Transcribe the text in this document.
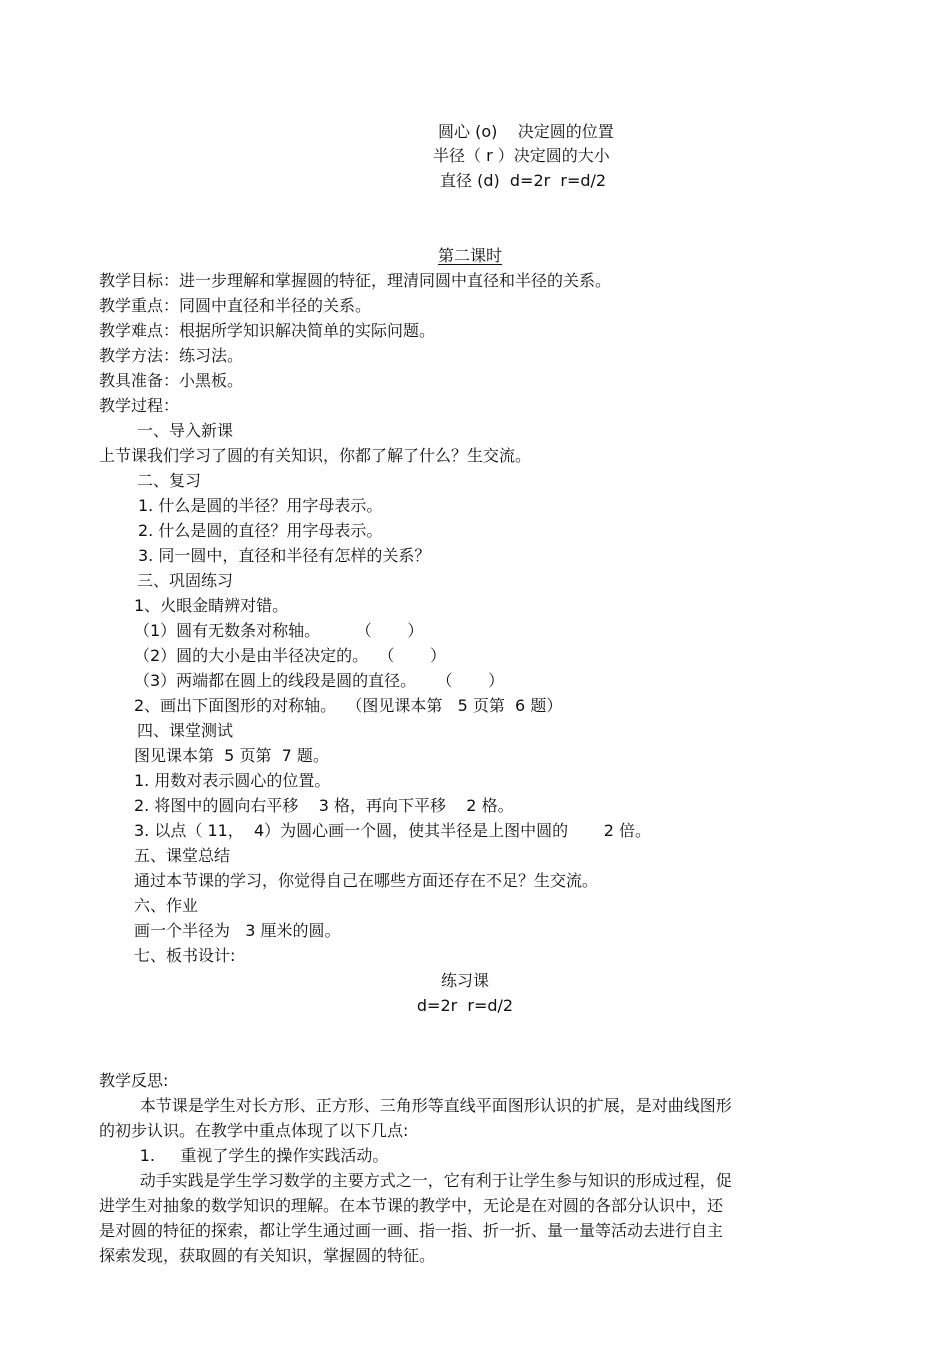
圆心 (o)    决定圆的位置
半径（ r ）决定圆的大小
直径 (d)  d=2r  r=d/2
第二课时
教学目标：进一步理解和掌握圆的特征，理清同圆中直径和半径的关系。
教学重点：同圆中直径和半径的关系。
教学难点：根据所学知识解决简单的实际问题。
教学方法：练习法。
教具准备：小黑板。
教学过程：
一、导入新课
上节课我们学习了圆的有关知识，你都了解了什么？生交流。
二、复习
1. 什么是圆的半径？用字母表示。
2. 什么是圆的直径？用字母表示。
3. 同一圆中，直径和半径有怎样的关系？
三、巩固练习
1、火眼金睛辨对错。
（1）圆有无数条对称轴。       （       ）
（2）圆的大小是由半径决定的。  （       ）
（3）两端都在圆上的线段是圆的直径。    （       ）
2、画出下面图形的对称轴。  （图见课本第   5 页第  6 题）
四、课堂测试
图见课本第  5 页第  7 题。
1. 用数对表示圆心的位置。
2. 将图中的圆向右平移    3 格，再向下平移    2 格。
3. 以点（ 11，  4）为圆心画一个圆，使其半径是上图中圆的       2 倍。
五、课堂总结
通过本节课的学习，你觉得自己在哪些方面还存在不足？生交流。
六、作业
画一个半径为   3 厘米的圆。
七、板书设计:
练习课
d=2r  r=d/2
教学反思:
本节课是学生对长方形、正方形、三角形等直线平面图形认识的扩展，是对曲线图形
的初步认识。在教学中重点体现了以下几点:
1.     重视了学生的操作实践活动。
动手实践是学生学习数学的主要方式之一，它有利于让学生参与知识的形成过程，促
进学生对抽象的数学知识的理解。在本节课的教学中，无论是在对圆的各部分认识中，还
是对圆的特征的探索，都让学生通过画一画、指一指、折一折、量一量等活动去进行自主
探索发现，获取圆的有关知识，掌握圆的特征。
